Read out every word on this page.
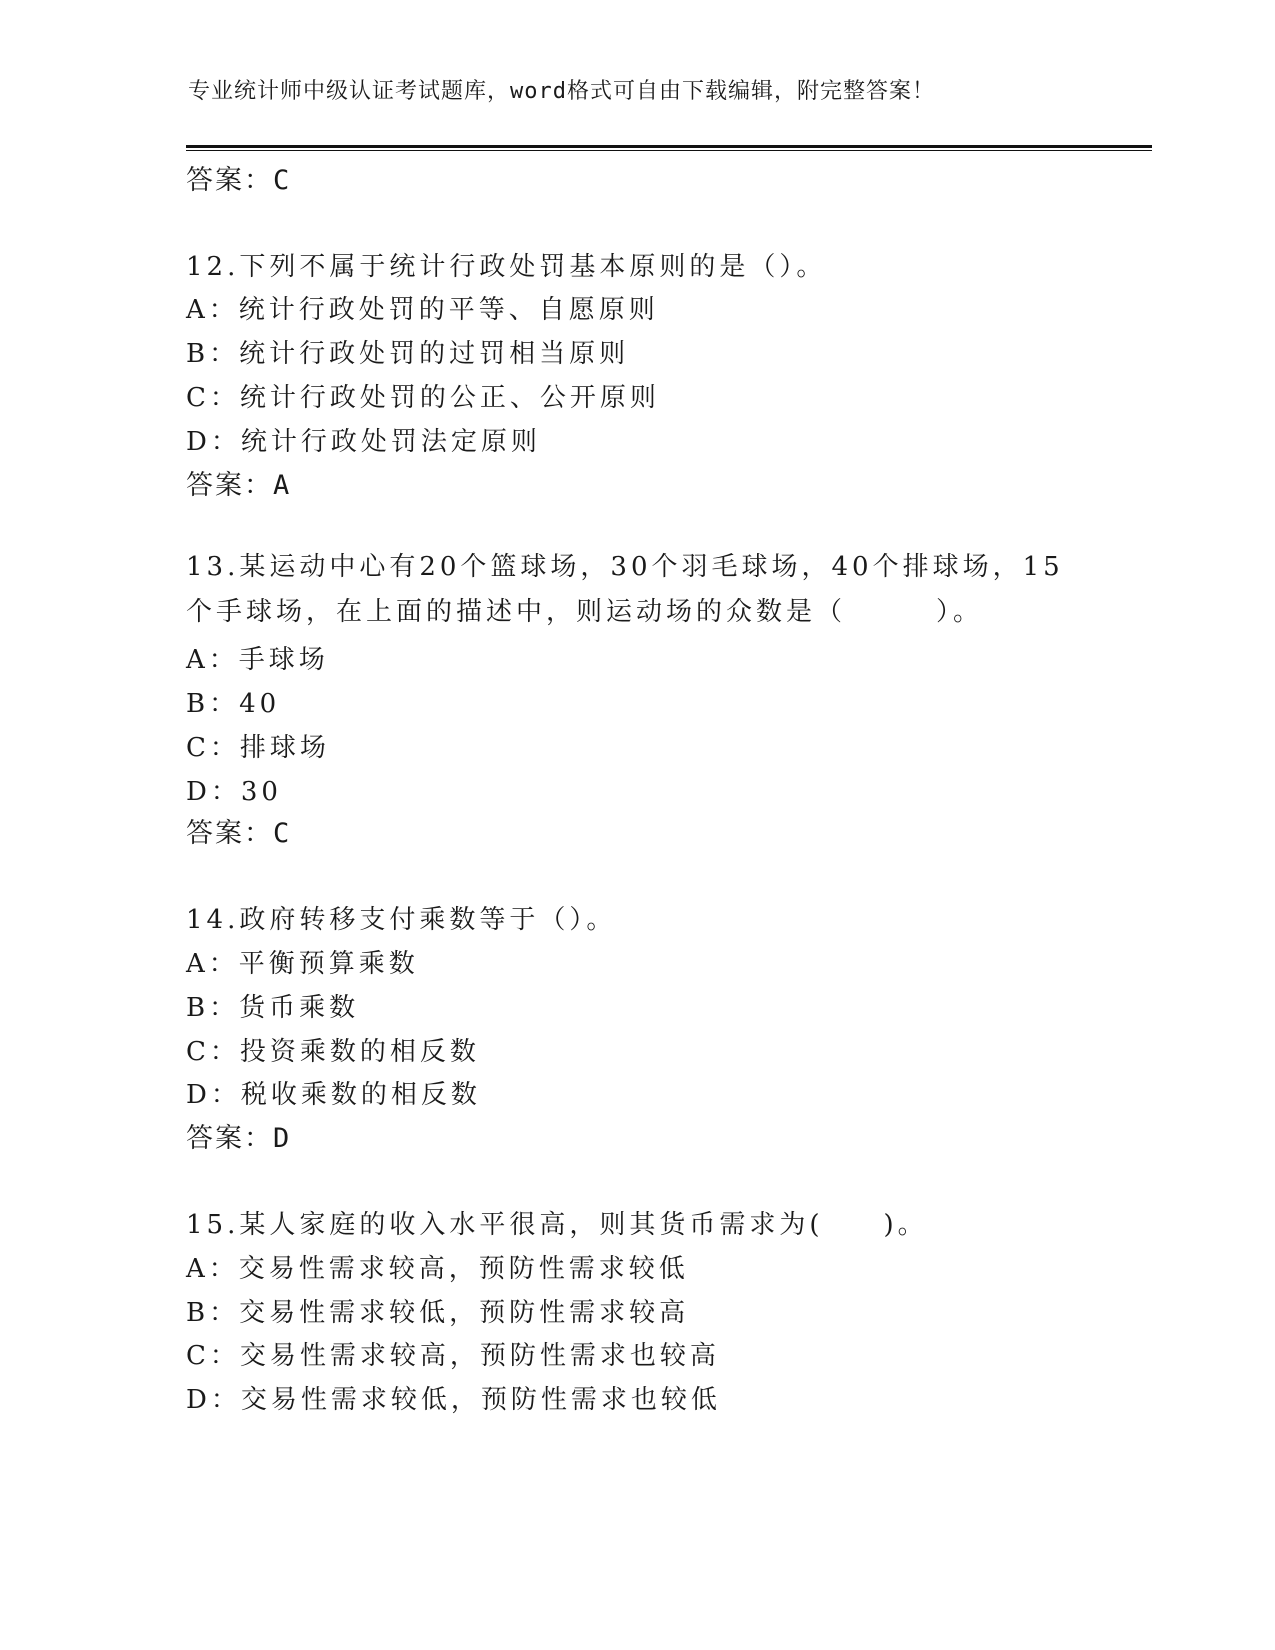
专业统计师中级认证考试题库，word格式可自由下载编辑，附完整答案！
答案：C
12.下列不属于统计行政处罚基本原则的是（）。
A：统计行政处罚的平等、自愿原则
B：统计行政处罚的过罚相当原则
C：统计行政处罚的公正、公开原则
D：统计行政处罚法定原则
答案：A
13.某运动中心有20个篮球场，30个羽毛球场，40个排球场，15个手球场，在上面的描述中，则运动场的众数是（　　　）。
A：手球场
B：40
C：排球场
D：30
答案：C
14.政府转移支付乘数等于（）。
A：平衡预算乘数
B：货币乘数
C：投资乘数的相反数
D：税收乘数的相反数
答案：D
15.某人家庭的收入水平很高，则其货币需求为(　　)。
A：交易性需求较高，预防性需求较低
B：交易性需求较低，预防性需求较高
C：交易性需求较高，预防性需求也较高
D：交易性需求较低，预防性需求也较低
